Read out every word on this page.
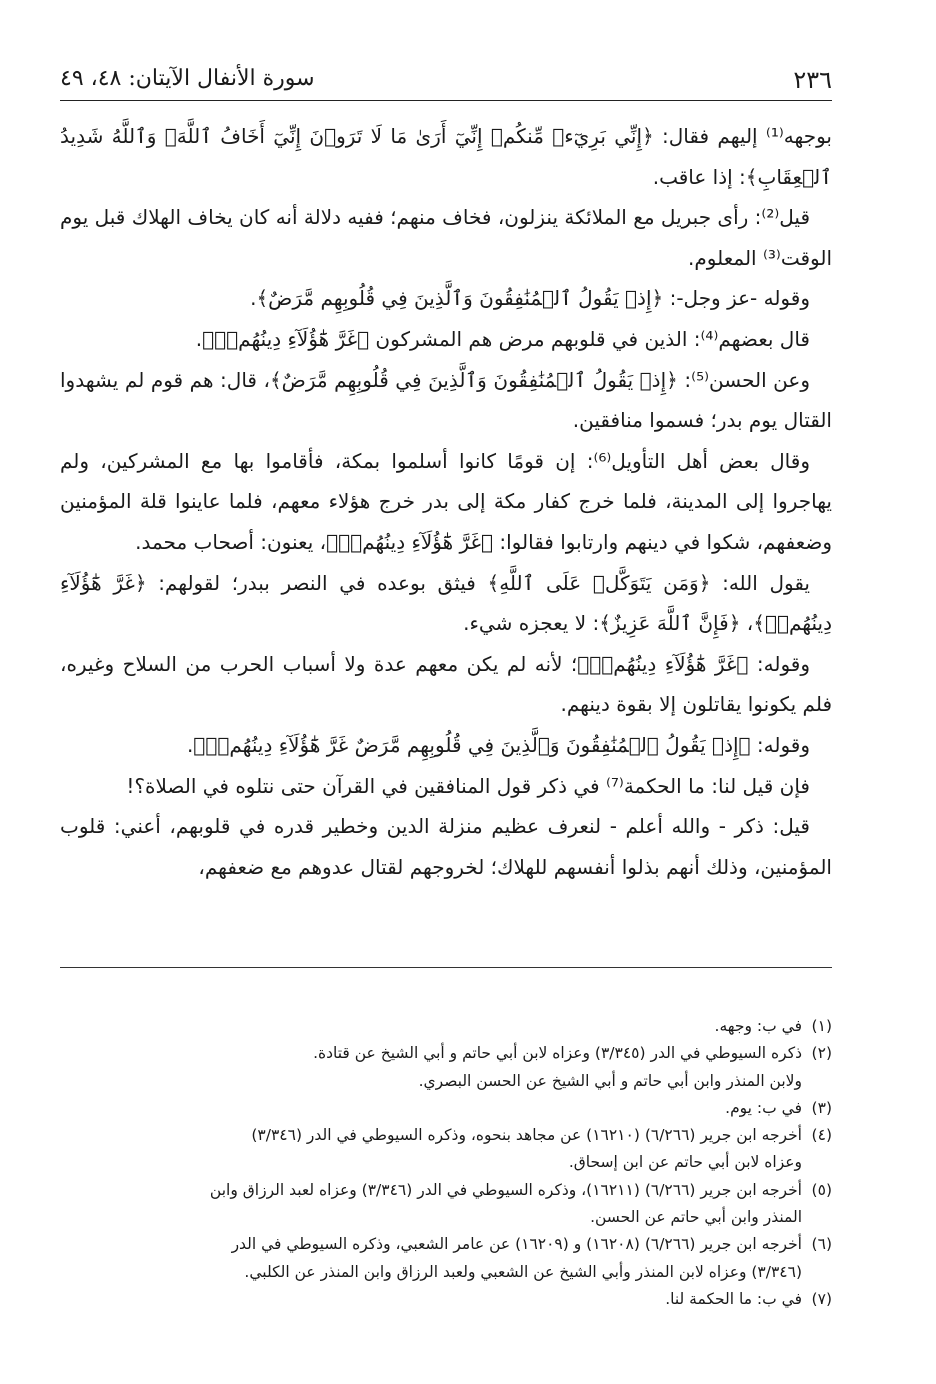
٢٣٦
سورة الأنفال الآيتان: ٤٨، ٤٩

بوجهه⁽¹⁾ إليهم فقال: ﴿إِنِّي بَرِيٓءٞ مِّنكُمۡ إِنِّيٓ أَرَىٰ مَا لَا تَرَوۡنَ إِنِّيٓ أَخَافُ ٱللَّهَۚ وَٱللَّهُ شَدِيدُ ٱلۡعِقَابِ﴾: إذا عاقب.

قيل⁽²⁾: رأى جبريل مع الملائكة ينزلون، فخاف منهم؛ ففيه دلالة أنه كان يخاف الهلاك قبل يوم الوقت⁽³⁾ المعلوم.

وقوله -عز وجل-: ﴿إِذۡ يَقُولُ ٱلۡمُنَٰفِقُونَ وَٱلَّذِينَ فِي قُلُوبِهِم مَّرَضٌ﴾.

قال بعضهم⁽⁴⁾: الذين في قلوبهم مرض هم المشركون ﴿غَرَّ هَٰٓؤُلَآءِ دِينُهُمۡۗ﴾.

وعن الحسن⁽⁵⁾: ﴿إِذۡ يَقُولُ ٱلۡمُنَٰفِقُونَ وَٱلَّذِينَ فِي قُلُوبِهِم مَّرَضٌ﴾، قال: هم قوم لم يشهدوا القتال يوم بدر؛ فسموا منافقين.

وقال بعض أهل التأويل⁽⁶⁾: إن قومًا كانوا أسلموا بمكة، فأقاموا بها مع المشركين، ولم يهاجروا إلى المدينة، فلما خرج كفار مكة إلى بدر خرج هؤلاء معهم، فلما عاينوا قلة المؤمنين وضعفهم، شكوا في دينهم وارتابوا فقالوا: ﴿غَرَّ هَٰٓؤُلَآءِ دِينُهُمۡۗ﴾، يعنون: أصحاب محمد.

يقول الله: ﴿وَمَن يَتَوَكَّلۡ عَلَى ٱللَّهِ﴾ فيثق بوعده في النصر ببدر؛ لقولهم: ﴿غَرَّ هَٰٓؤُلَآءِ دِينُهُمۡۗ﴾، ﴿فَإِنَّ ٱللَّهَ عَزِيزٌ﴾: لا يعجزه شيء.

وقوله: ﴿غَرَّ هَٰٓؤُلَآءِ دِينُهُمۡۗ﴾؛ لأنه لم يكن معهم عدة ولا أسباب الحرب من السلاح وغيره، فلم يكونوا يقاتلون إلا بقوة دينهم.

وقوله: ﴿إِذۡ يَقُولُ ٱلۡمُنَٰفِقُونَ وَٱلَّذِينَ فِي قُلُوبِهِم مَّرَضٌ غَرَّ هَٰٓؤُلَآءِ دِينُهُمۡۗ﴾.

فإن قيل لنا: ما الحكمة⁽⁷⁾ في ذكر قول المنافقين في القرآن حتى نتلوه في الصلاة؟!

قيل: ذكر - والله أعلم - لنعرف عظيم منزلة الدين وخطير قدره في قلوبهم، أعني: قلوب المؤمنين، وذلك أنهم بذلوا أنفسهم للهلاك؛ لخروجهم لقتال عدوهم مع ضعفهم،

(١)
في ب: وجهه.
(٢)
ذكره السيوطي في الدر (٣/٣٤٥) وعزاه لابن أبي حاتم و أبي الشيخ عن قتادة.
ولابن المنذر وابن أبي حاتم و أبي الشيخ عن الحسن البصري.
(٣)
في ب: يوم.
(٤)
أخرجه ابن جرير (٦/٢٦٦) (١٦٢١٠) عن مجاهد بنحوه، وذكره السيوطي في الدر (٣/٣٤٦)
وعزاه لابن أبي حاتم عن ابن إسحاق.
(٥)
أخرجه ابن جرير (٦/٢٦٦) (١٦٢١١)، وذكره السيوطي في الدر (٣/٣٤٦) وعزاه لعبد الرزاق وابن
المنذر وابن أبي حاتم عن الحسن.
(٦)
أخرجه ابن جرير (٦/٢٦٦) (١٦٢٠٨) و (١٦٢٠٩) عن عامر الشعبي، وذكره السيوطي في الدر
(٣/٣٤٦) وعزاه لابن المنذر وأبي الشيخ عن الشعبي ولعبد الرزاق وابن المنذر عن الكلبي.
(٧)
في ب: ما الحكمة لنا.
